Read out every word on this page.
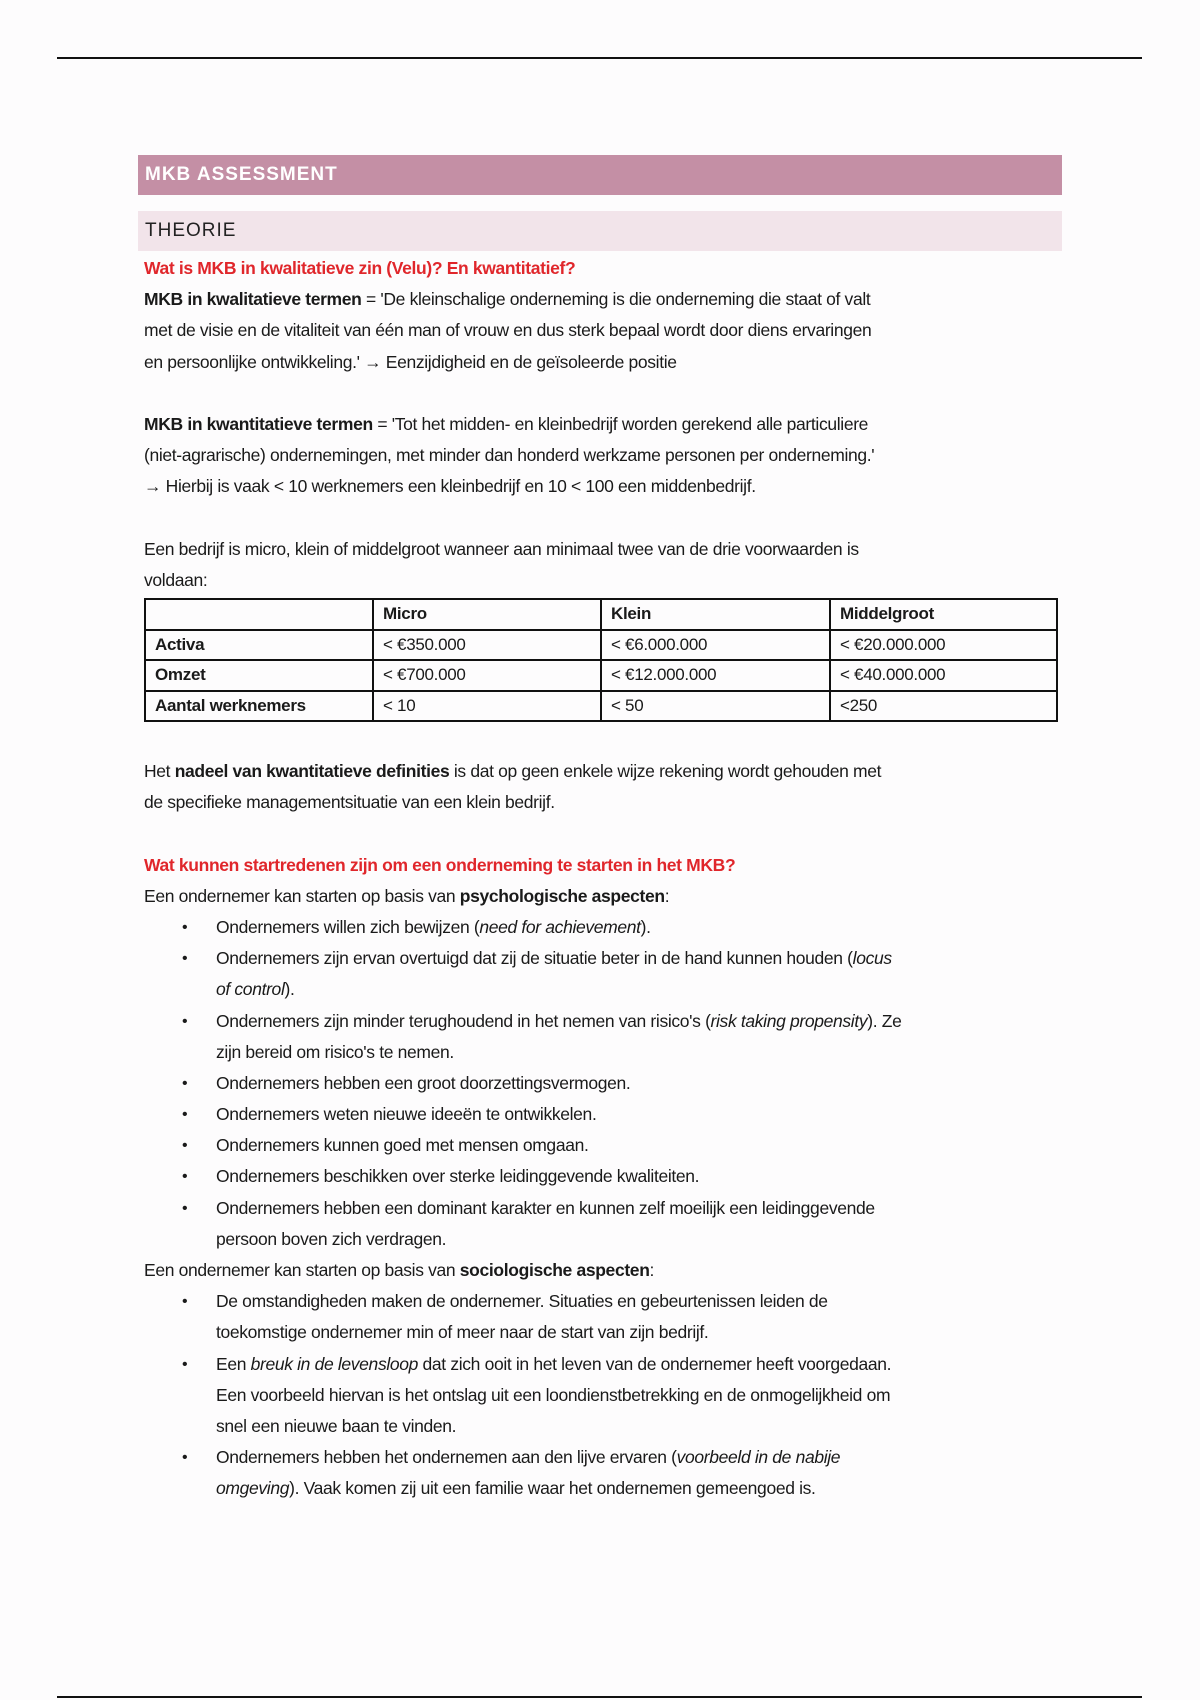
MKB ASSESSMENT
THEORIE
Wat is MKB in kwalitatieve zin (Velu)? En kwantitatief?
MKB in kwalitatieve termen = 'De kleinschalige onderneming is die onderneming die staat of valt
met de visie en de vitaliteit van één man of vrouw en dus sterk bepaal wordt door diens ervaringen
en persoonlijke ontwikkeling.' → Eenzijdigheid en de geïsoleerde positie
MKB in kwantitatieve termen = 'Tot het midden- en kleinbedrijf worden gerekend alle particuliere
(niet-agrarische) ondernemingen, met minder dan honderd werkzame personen per onderneming.'
→ Hierbij is vaak < 10 werknemers een kleinbedrijf en 10 < 100 een middenbedrijf.
Een bedrijf is micro, klein of middelgroot wanneer aan minimaal twee van de drie voorwaarden is
voldaan:
	Micro	Klein	Middelgroot
Activa	< €350.000	< €6.000.000	< €20.000.000
Omzet	< €700.000	< €12.000.000	< €40.000.000
Aantal werknemers	< 10	< 50	<250
Het nadeel van kwantitatieve definities is dat op geen enkele wijze rekening wordt gehouden met
de specifieke managementsituatie van een klein bedrijf.
Wat kunnen startredenen zijn om een onderneming te starten in het MKB?
Een ondernemer kan starten op basis van psychologische aspecten:
• Ondernemers willen zich bewijzen (need for achievement).
• Ondernemers zijn ervan overtuigd dat zij de situatie beter in de hand kunnen houden (locus
of control).
• Ondernemers zijn minder terughoudend in het nemen van risico's (risk taking propensity). Ze
zijn bereid om risico's te nemen.
• Ondernemers hebben een groot doorzettingsvermogen.
• Ondernemers weten nieuwe ideeën te ontwikkelen.
• Ondernemers kunnen goed met mensen omgaan.
• Ondernemers beschikken over sterke leidinggevende kwaliteiten.
• Ondernemers hebben een dominant karakter en kunnen zelf moeilijk een leidinggevende
persoon boven zich verdragen.
Een ondernemer kan starten op basis van sociologische aspecten:
• De omstandigheden maken de ondernemer. Situaties en gebeurtenissen leiden de
toekomstige ondernemer min of meer naar de start van zijn bedrijf.
• Een breuk in de levensloop dat zich ooit in het leven van de ondernemer heeft voorgedaan.
Een voorbeeld hiervan is het ontslag uit een loondienstbetrekking en de onmogelijkheid om
snel een nieuwe baan te vinden.
• Ondernemers hebben het ondernemen aan den lijve ervaren (voorbeeld in de nabije
omgeving). Vaak komen zij uit een familie waar het ondernemen gemeengoed is.
